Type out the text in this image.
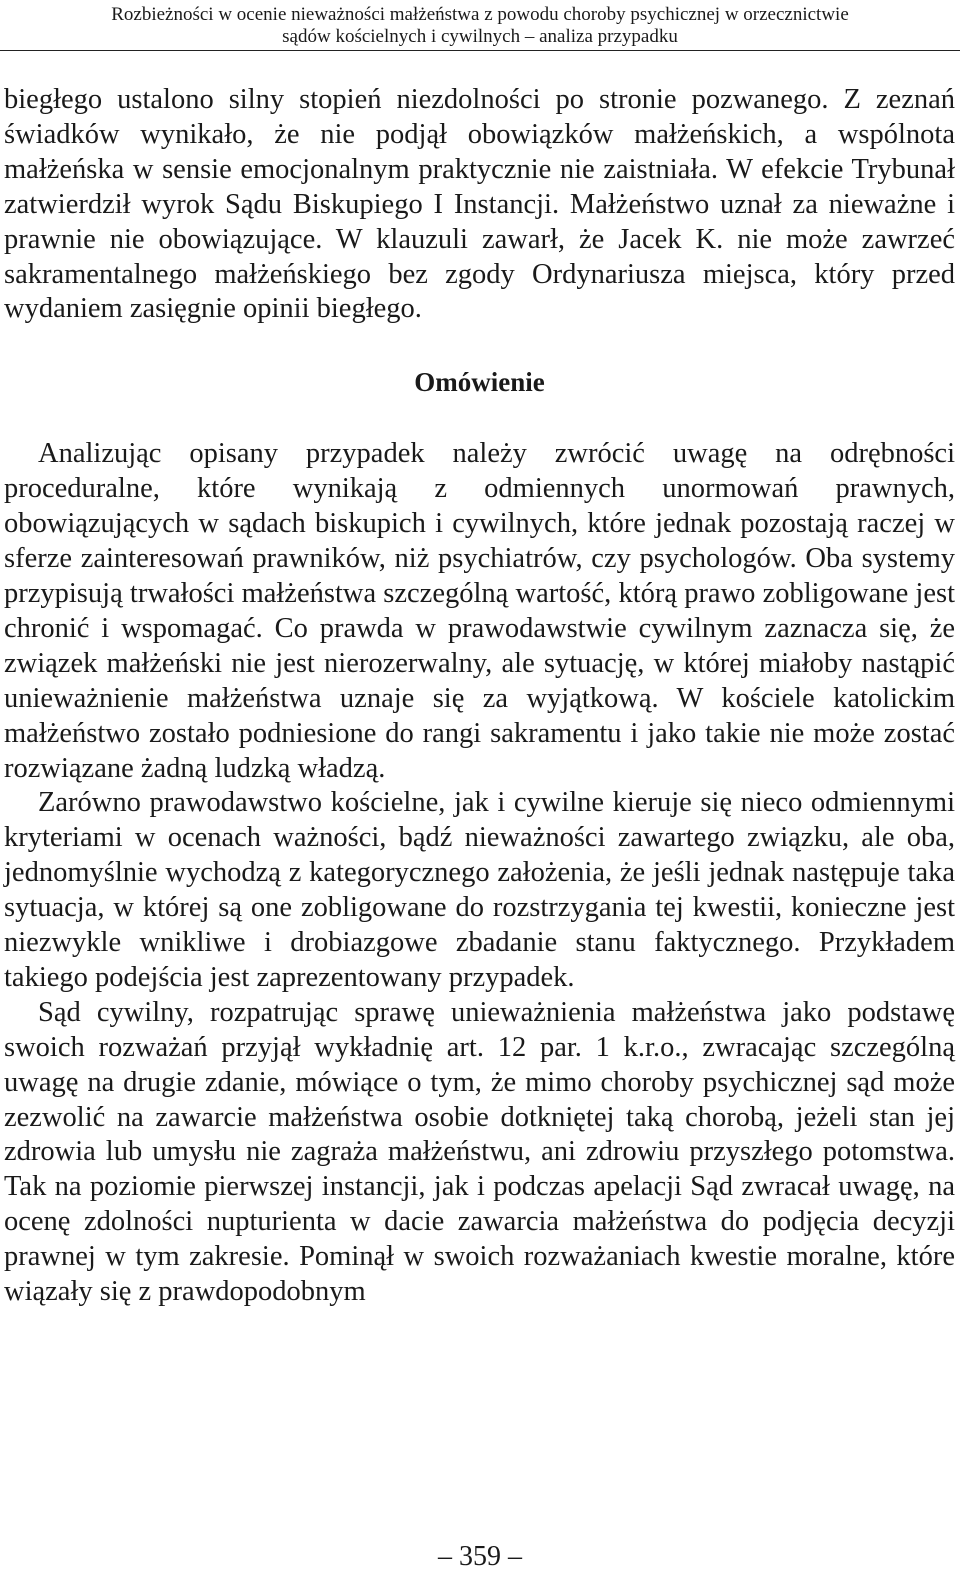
Rozbieżności w ocenie nieważności małżeństwa z powodu choroby psychicznej w orzecznictwie
sądów kościelnych i cywilnych – analiza przypadku

biegłego ustalono silny stopień niezdolności po stronie pozwanego. Z zeznań świadków wynikało, że nie podjął obowiązków małżeńskich, a wspólnota małżeńska w sensie emocjonalnym praktycznie nie zaistniała. W efekcie Trybunał zatwierdził wyrok Sądu Biskupiego I Instancji. Małżeństwo uznał za nieważne i prawnie nie obowiązujące. W klauzuli zawarł, że Jacek K. nie może zawrzeć sakramentalnego małżeńskiego bez zgody Ordynariusza miejsca, który przed wydaniem zasięgnie opinii biegłego.

Omówienie

Analizując opisany przypadek należy zwrócić uwagę na odrębności proceduralne, które wynikają z odmiennych unormowań prawnych, obowiązujących w sądach biskupich i cywilnych, które jednak pozostają raczej w sferze zainteresowań prawników, niż psychiatrów, czy psychologów. Oba systemy przypisują trwałości małżeństwa szczególną wartość, którą prawo zobligowane jest chronić i wspomagać. Co prawda w prawodawstwie cywilnym zaznacza się, że związek małżeński nie jest nierozerwalny, ale sytuację, w której miałoby nastąpić unieważnienie małżeństwa uznaje się za wyjątkową. W kościele katolickim małżeństwo zostało podniesione do rangi sakramentu i jako takie nie może zostać rozwiązane żadną ludzką władzą.

Zarówno prawodawstwo kościelne, jak i cywilne kieruje się nieco odmiennymi kryteriami w ocenach ważności, bądź nieważności zawartego związku, ale oba, jednomyślnie wychodzą z kategorycznego założenia, że jeśli jednak następuje taka sytuacja, w której są one zobligowane do rozstrzygania tej kwestii, konieczne jest niezwykle wnikliwe i drobiazgowe zbadanie stanu faktycznego. Przykładem takiego podejścia jest zaprezentowany przypadek.

Sąd cywilny, rozpatrując sprawę unieważnienia małżeństwa jako podstawę swoich rozważań przyjął wykładnię art. 12 par. 1 k.r.o., zwracając szczególną uwagę na drugie zdanie, mówiące o tym, że mimo choroby psychicznej sąd może zezwolić na zawarcie małżeństwa osobie dotkniętej taką chorobą, jeżeli stan jej zdrowia lub umysłu nie zagraża małżeństwu, ani zdrowiu przyszłego potomstwa. Tak na poziomie pierwszej instancji, jak i podczas apelacji Sąd zwracał uwagę, na ocenę zdolności nupturienta w dacie zawarcia małżeństwa do podjęcia decyzji prawnej w tym zakresie. Pominął w swoich rozważaniach kwestie moralne, które wiązały się z prawdopodobnym

– 359 –
